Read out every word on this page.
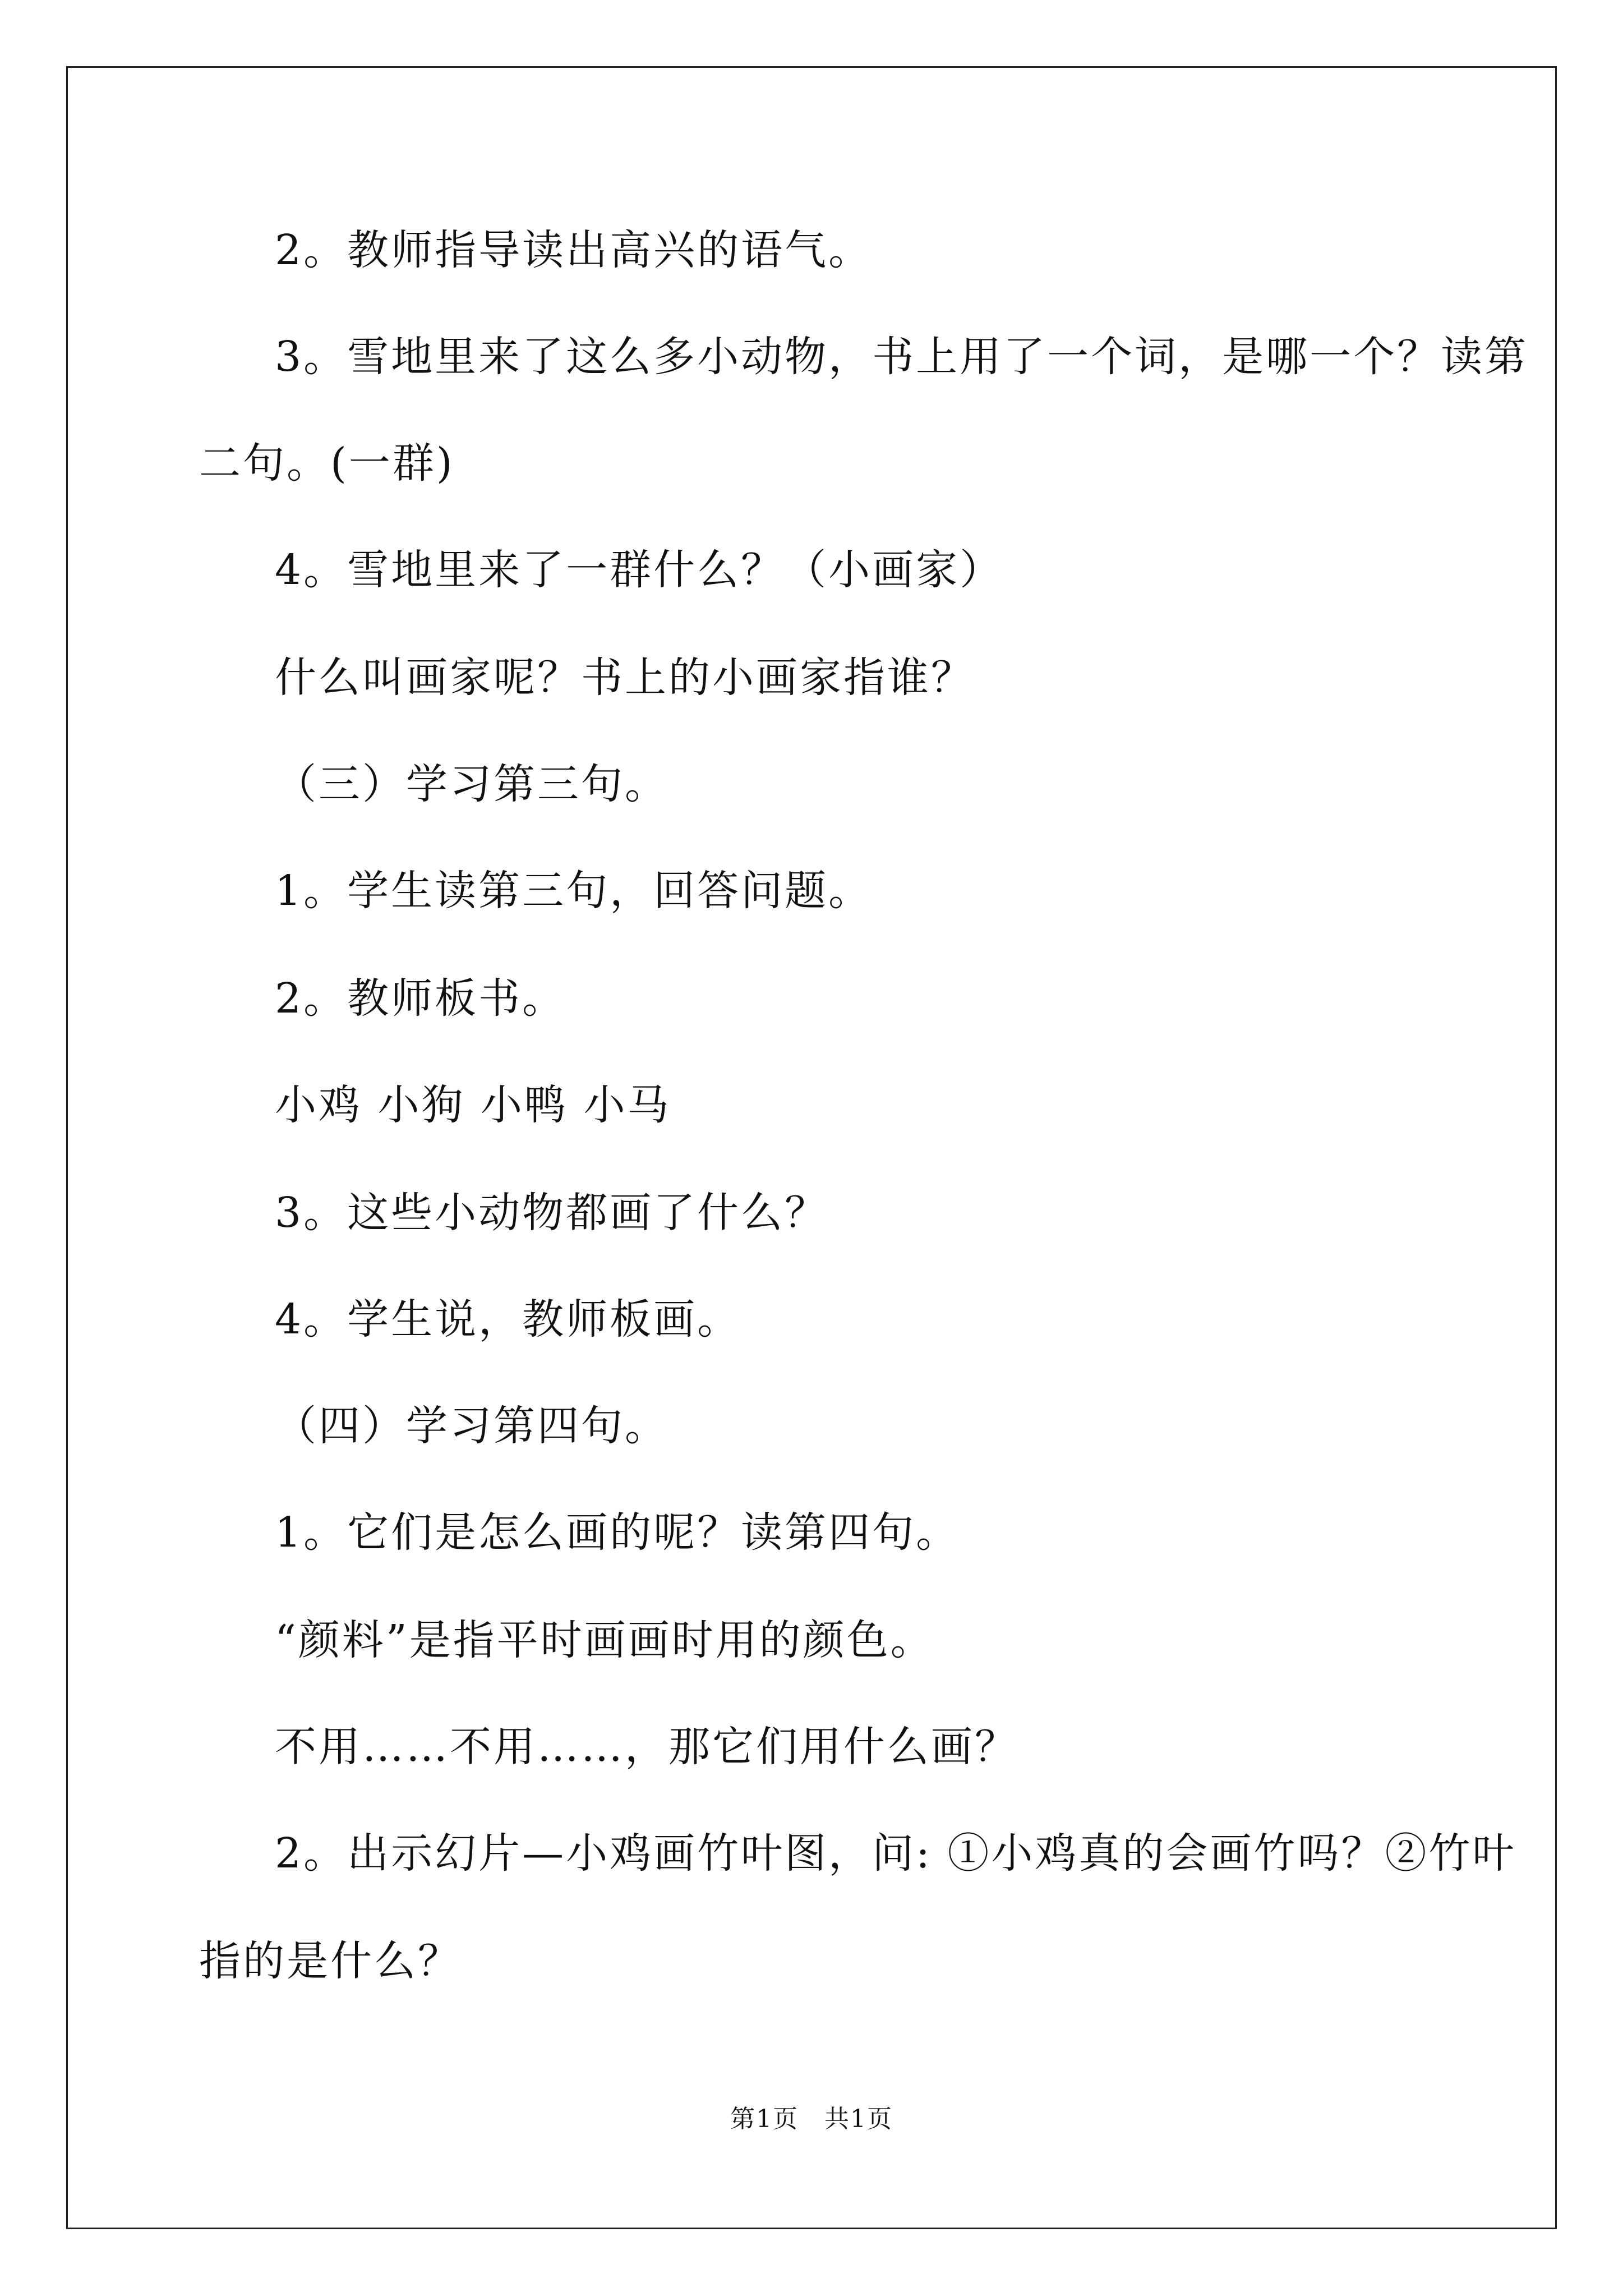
2。教师指导读出高兴的语气。

3。雪地里来了这么多小动物，书上用了一个词，是哪一个？读第

二句。(一群)

4。雪地里来了一群什么？（小画家）

什么叫画家呢？书上的小画家指谁？

（三）学习第三句。

1。学生读第三句，回答问题。

2。教师板书。

小鸡 小狗 小鸭 小马

3。这些小动物都画了什么？

4。学生说，教师板画。

（四）学习第四句。

1。它们是怎么画的呢？读第四句。

“颜料”是指平时画画时用的颜色。

不用……不用……，那它们用什么画？

2。出示幻片—小鸡画竹叶图，问: ①小鸡真的会画竹吗？②竹叶

指的是什么？

第1页　共1页
